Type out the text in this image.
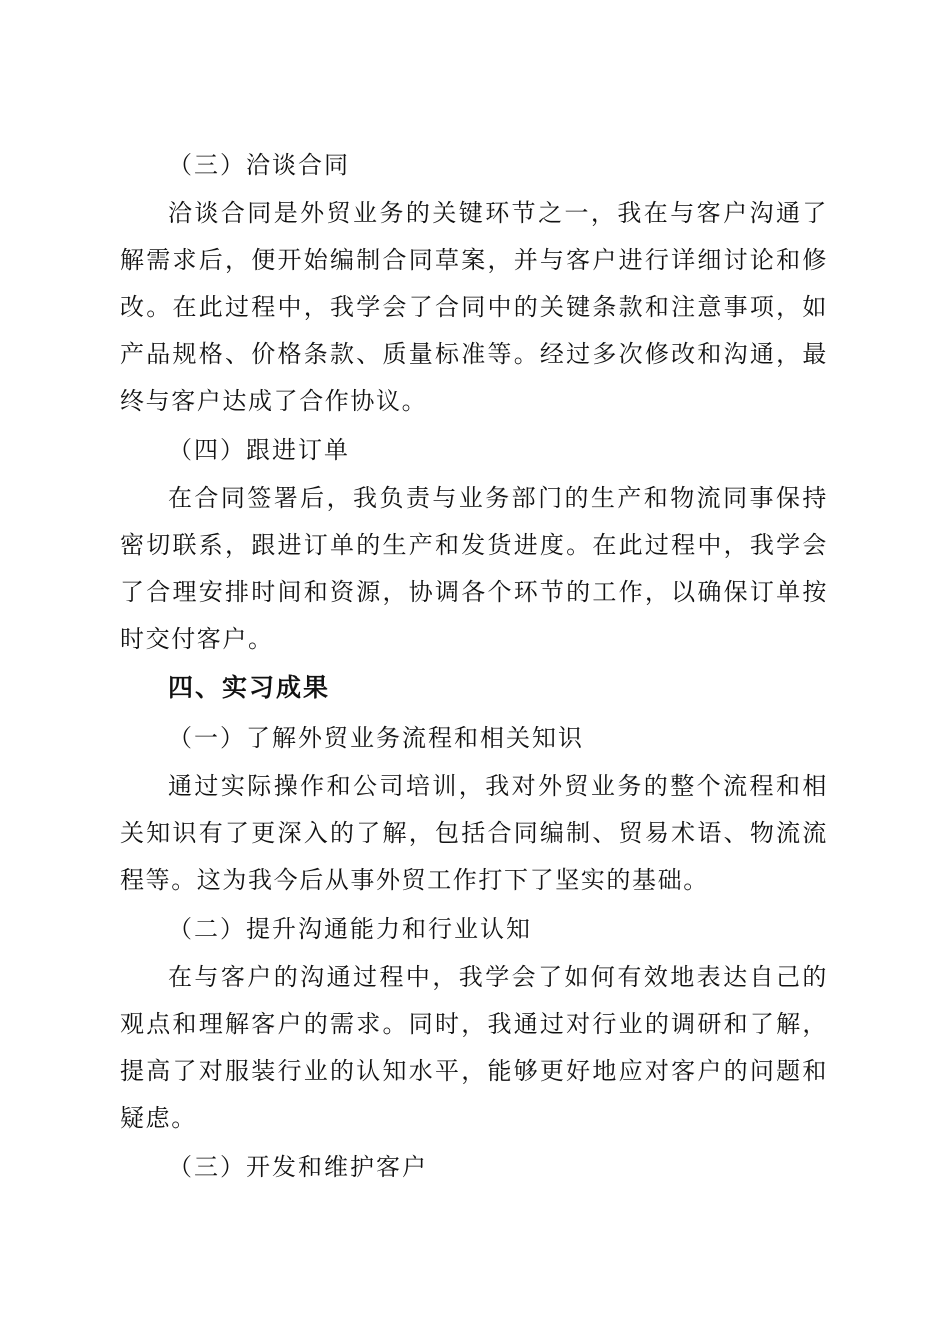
（三）洽谈合同

洽谈合同是外贸业务的关键环节之一，我在与客户沟通了解需求后，便开始编制合同草案，并与客户进行详细讨论和修改。在此过程中，我学会了合同中的关键条款和注意事项，如产品规格、价格条款、质量标准等。经过多次修改和沟通，最终与客户达成了合作协议。

（四）跟进订单

在合同签署后，我负责与业务部门的生产和物流同事保持密切联系，跟进订单的生产和发货进度。在此过程中，我学会了合理安排时间和资源，协调各个环节的工作，以确保订单按时交付客户。

四、实习成果
（一）了解外贸业务流程和相关知识

通过实际操作和公司培训，我对外贸业务的整个流程和相关知识有了更深入的了解，包括合同编制、贸易术语、物流流程等。这为我今后从事外贸工作打下了坚实的基础。

（二）提升沟通能力和行业认知

在与客户的沟通过程中，我学会了如何有效地表达自己的观点和理解客户的需求。同时，我通过对行业的调研和了解，提高了对服装行业的认知水平，能够更好地应对客户的问题和疑虑。

（三）开发和维护客户
